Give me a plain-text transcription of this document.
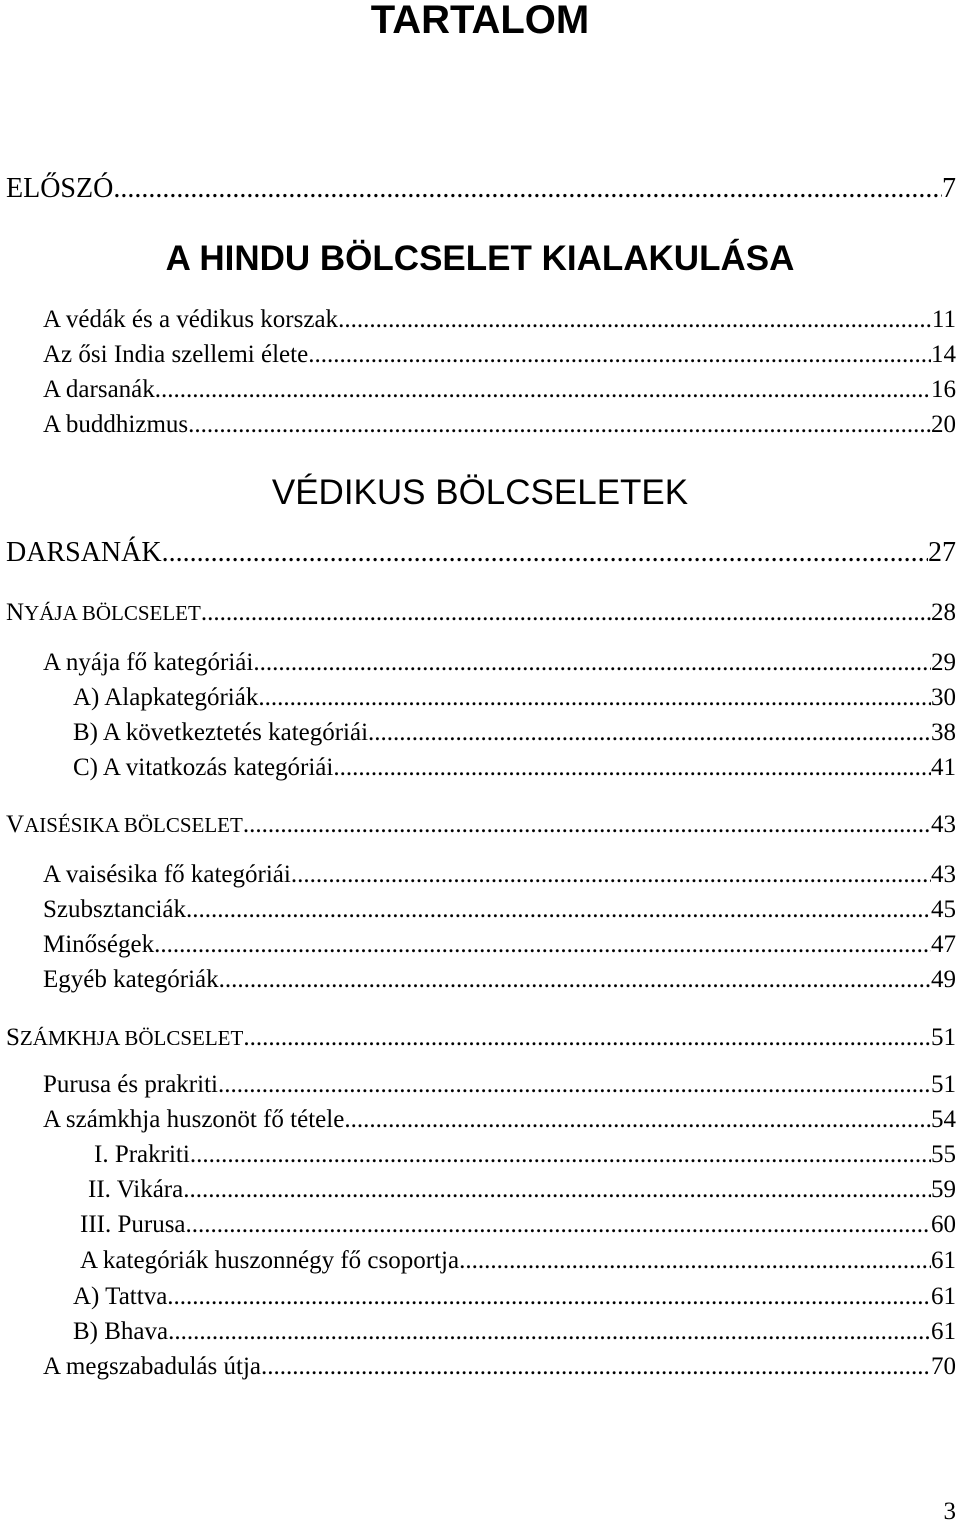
TARTALOM
ELŐSZÓ .....	7
A HINDU BÖLCSELET KIALAKULÁSA
A védák és a védikus korszak .....	11
Az ősi India szellemi élete .....	14
A darsanák .....	16
A buddhizmus .....	20
VÉDIKUS BÖLCSELETEK
DARSANÁK .....	27
NYÁJA BÖLCSELET .....	28
A nyája fő kategóriái .....	29
A) Alapkategóriák .....	30
B) A következtetés kategóriái .....	38
C) A vitatkozás kategóriái .....	41
VAISÉSIKA BÖLCSELET .....	43
A vaisésika fő kategóriái .....	43
Szubsztanciák .....	45
Minőségek .....	47
Egyéb kategóriák .....	49
SZÁMKHJA BÖLCSELET .....	51
Purusa és prakriti .....	51
A számkhja huszonöt fő tétele .....	54
I. Prakriti .....	55
II. Vikára .....	59
III. Purusa .....	60
A kategóriák huszonnégy fő csoportja .....	61
A) Tattva .....	61
B) Bhava .....	61
A megszabadulás útja .....	70
3
